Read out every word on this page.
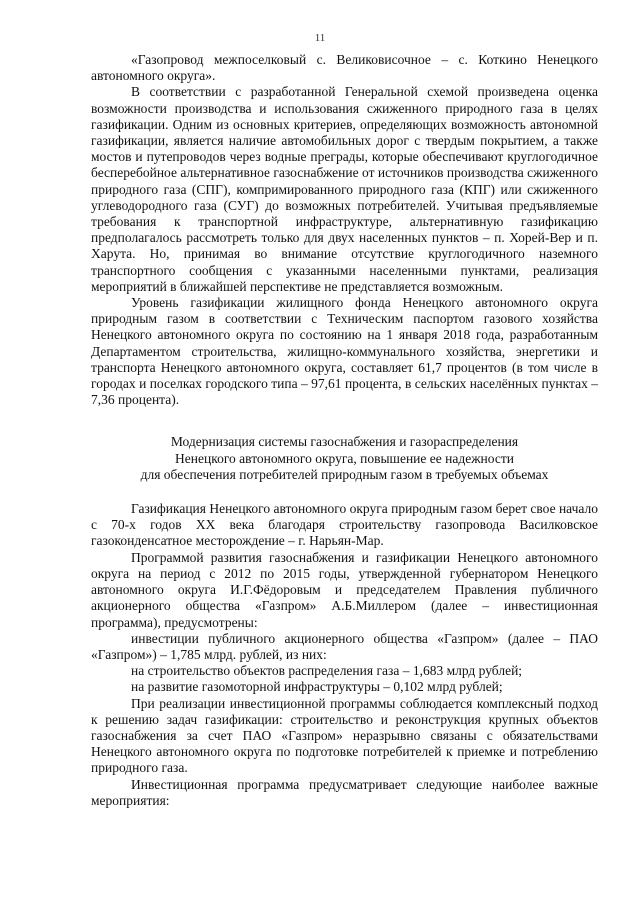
11

«Газопровод межпоселковый с. Великовисочное – с. Коткино Ненецкого автономного округа».

В соответствии с разработанной Генеральной схемой произведена оценка возможности производства и использования сжиженного природного газа в целях газификации. Одним из основных критериев, определяющих возможность автономной газификации, является наличие автомобильных дорог с твердым покрытием, а также мостов и путепроводов через водные преграды, которые обеспечивают круглогодичное бесперебойное альтернативное газоснабжение от источников производства сжиженного природного газа (СПГ), компримированного природного газа (КПГ) или сжиженного углеводородного газа (СУГ) до возможных потребителей. Учитывая предъявляемые требования к транспортной инфраструктуре, альтернативную газификацию предполагалось рассмотреть только для двух населенных пунктов – п. Хорей-Вер и п. Харута. Но, принимая во внимание отсутствие круглогодичного наземного транспортного сообщения с указанными населенными пунктами, реализация мероприятий в ближайшей перспективе не представляется возможным.

Уровень газификации жилищного фонда Ненецкого автономного округа природным газом в соответствии с Техническим паспортом газового хозяйства Ненецкого автономного округа по состоянию на 1 января 2018 года, разработанным Департаментом строительства, жилищно-коммунального хозяйства, энергетики и транспорта Ненецкого автономного округа, составляет 61,7 процентов (в том числе в городах и поселках городского типа – 97,61 процента, в сельских населённых пунктах – 7,36 процента).

Модернизация системы газоснабжения и газораспределения
Ненецкого автономного округа, повышение ее надежности
для обеспечения потребителей природным газом в требуемых объемах

Газификация Ненецкого автономного округа природным газом берет свое начало с 70-х годов XX века благодаря строительству газопровода Василковское газоконденсатное месторождение – г. Нарьян-Мар.

Программой развития газоснабжения и газификации Ненецкого автономного округа на период с 2012 по 2015 годы, утвержденной губернатором Ненецкого автономного округа И.Г.Фёдоровым и председателем Правления публичного акционерного общества «Газпром» А.Б.Миллером (далее – инвестиционная программа), предусмотрены:

инвестиции публичного акционерного общества «Газпром» (далее – ПАО «Газпром») – 1,785 млрд. рублей, из них:

на строительство объектов распределения газа – 1,683 млрд рублей;

на развитие газомоторной инфраструктуры – 0,102 млрд рублей;

При реализации инвестиционной программы соблюдается комплексный подход к решению задач газификации: строительство и реконструкция крупных объектов газоснабжения за счет ПАО «Газпром» неразрывно связаны с обязательствами Ненецкого автономного округа по подготовке потребителей к приемке и потреблению природного газа.

Инвестиционная программа предусматривает следующие наиболее важные мероприятия:
